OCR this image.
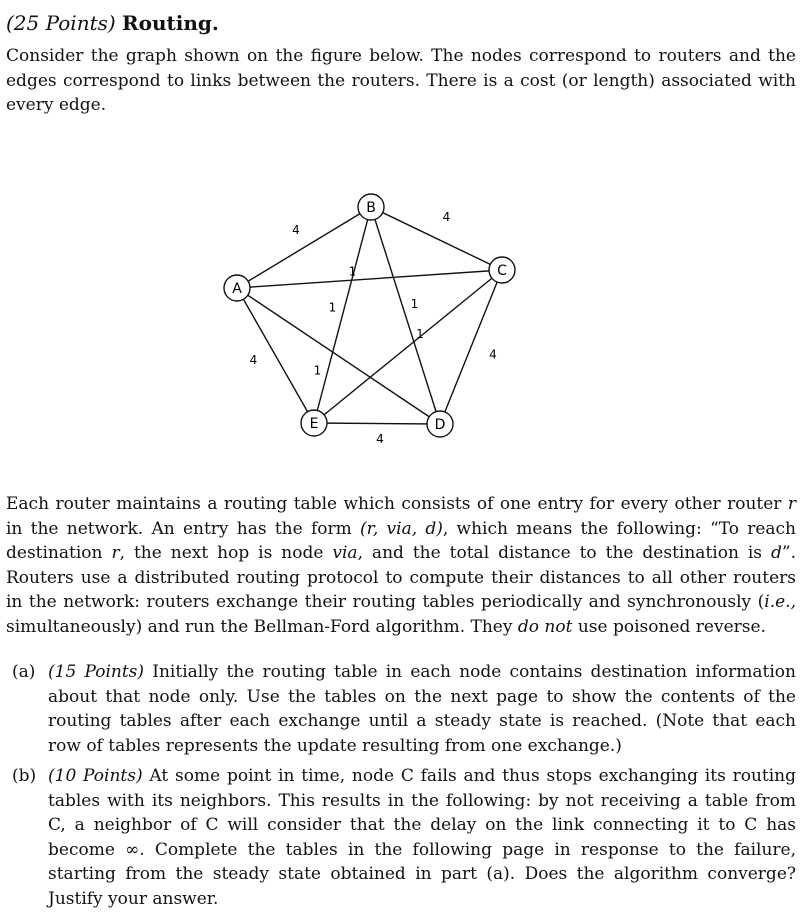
(25 Points) Routing.
Consider the graph shown on the figure below. The nodes correspond to routers and the edges correspond to links between the routers. There is a cost (or length) associated with every edge.
4
4
4
4
4
1
1
1
1
1
A
B
C
D
E
Each router maintains a routing table which consists of one entry for every other router r in the network. An entry has the form (r, via, d), which means the following: “To reach destination r, the next hop is node via, and the total distance to the destination is d”. Routers use a distributed routing protocol to compute their distances to all other routers in the network: routers exchange their routing tables periodically and synchronously (i.e., simultaneously) and run the Bellman-Ford algorithm. They do not use poisoned reverse.
(a) (15 Points) Initially the routing table in each node contains destination information about that node only. Use the tables on the next page to show the contents of the routing tables after each exchange until a steady state is reached. (Note that each row of tables represents the update resulting from one exchange.)
(b) (10 Points) At some point in time, node C fails and thus stops exchanging its routing tables with its neighbors. This results in the following: by not receiving a table from C, a neighbor of C will consider that the delay on the link connecting it to C has become ∞. Complete the tables in the following page in response to the failure, starting from the steady state obtained in part (a). Does the algorithm converge? Justify your answer.
